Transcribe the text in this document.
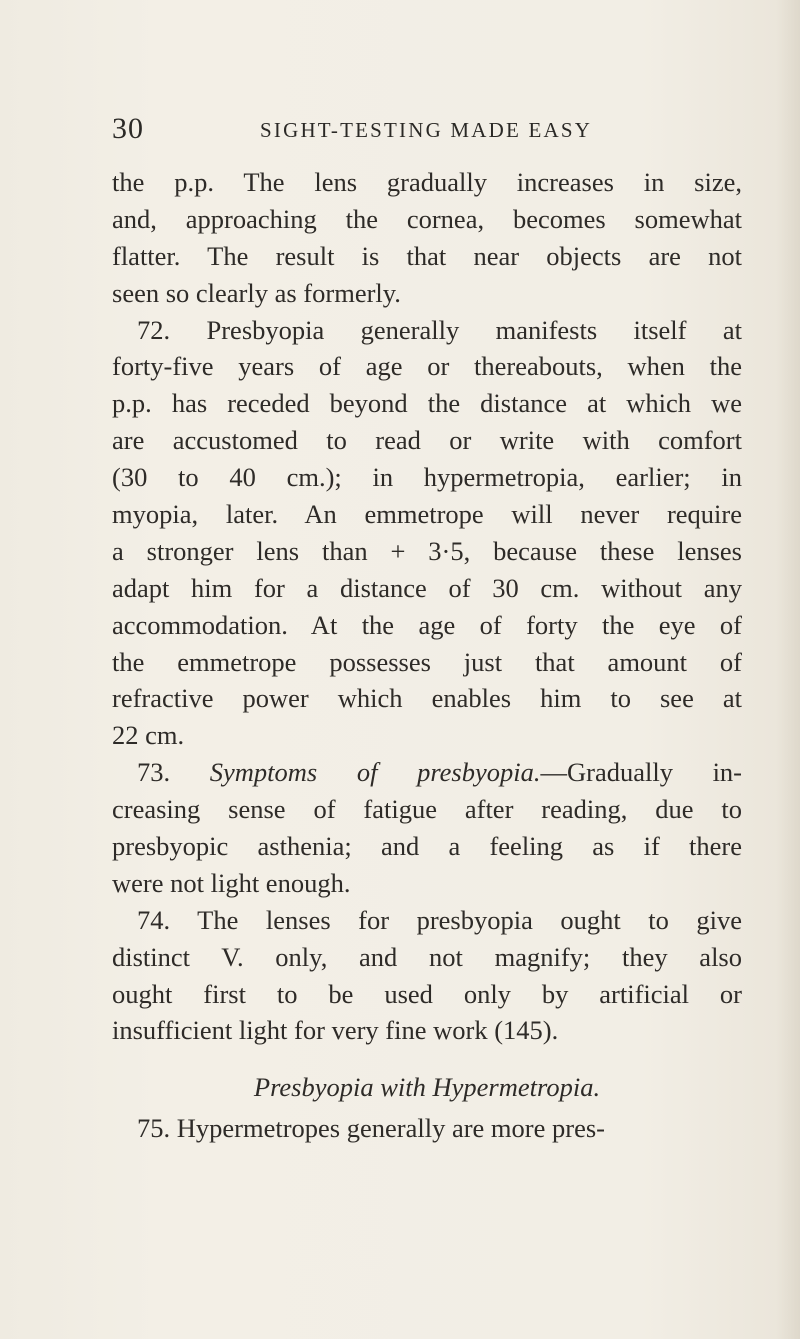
30	SIGHT-TESTING MADE EASY
the p.p. The lens gradually increases in size,
and, approaching the cornea, becomes somewhat
flatter. The result is that near objects are not
seen so clearly as formerly.
72. Presbyopia generally manifests itself at
forty-five years of age or thereabouts, when the
p.p. has receded beyond the distance at which we
are accustomed to read or write with comfort
(30 to 40 cm.); in hypermetropia, earlier; in
myopia, later. An emmetrope will never require
a stronger lens than + 3·5, because these lenses
adapt him for a distance of 30 cm. without any
accommodation. At the age of forty the eye of
the emmetrope possesses just that amount of
refractive power which enables him to see at
22 cm.
73. Symptoms of presbyopia.—Gradually in-
creasing sense of fatigue after reading, due to
presbyopic asthenia; and a feeling as if there
were not light enough.
74. The lenses for presbyopia ought to give
distinct V. only, and not magnify; they also
ought first to be used only by artificial or
insufficient light for very fine work (145).
Presbyopia with Hypermetropia.
75. Hypermetropes generally are more pres-
